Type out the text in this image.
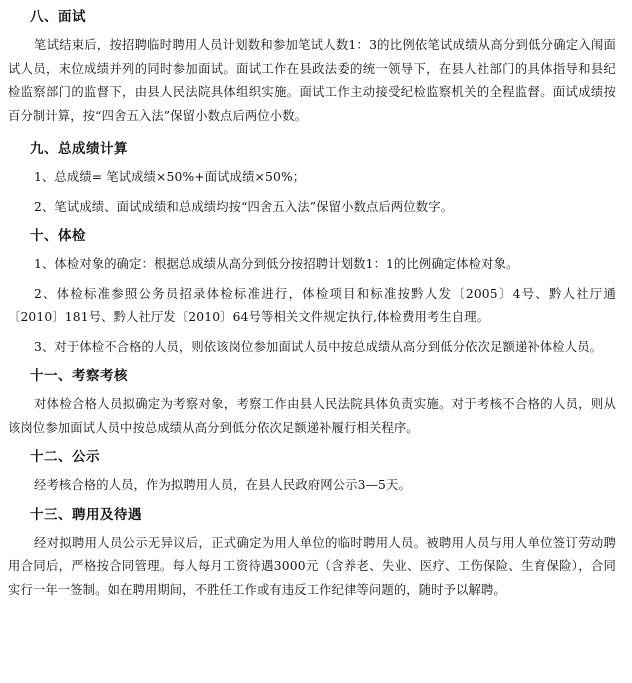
八、面试

笔试结束后，按招聘临时聘用人员计划数和参加笔试人数1：3的比例依笔试成绩从高分到低分确定入闱面试人员，末位成绩并列的同时参加面试。面试工作在县政法委的统一领导下，在县人社部门的具体指导和县纪检监察部门的监督下，由县人民法院具体组织实施。面试工作主动接受纪检监察机关的全程监督。面试成绩按百分制计算，按“四舍五入法”保留小数点后两位小数。

九、总成绩计算

1、总成绩= 笔试成绩×50%+面试成绩×50%；

2、笔试成绩、面试成绩和总成绩均按“四舍五入法”保留小数点后两位数字。

十、体检

1、体检对象的确定：根据总成绩从高分到低分按招聘计划数1：1的比例确定体检对象。

2、体检标准参照公务员招录体检标准进行，体检项目和标准按黔人发〔2005〕4号、黔人社厅通〔2010〕181号、黔人社厅发〔2010〕64号等相关文件规定执行,体检费用考生自理。

3、对于体检不合格的人员，则依该岗位参加面试人员中按总成绩从高分到低分依次足额递补体检人员。

十一、考察考核

对体检合格人员拟确定为考察对象，考察工作由县人民法院具体负责实施。对于考核不合格的人员，则从该岗位参加面试人员中按总成绩从高分到低分依次足额递补履行相关程序。

十二、公示

经考核合格的人员，作为拟聘用人员，在县人民政府网公示3—5天。

十三、聘用及待遇

经对拟聘用人员公示无异议后，正式确定为用人单位的临时聘用人员。被聘用人员与用人单位签订劳动聘用合同后，严格按合同管理。每人每月工资待遇3000元（含养老、失业、医疗、工伤保险、生育保险），合同实行一年一签制。如在聘用期间，不胜任工作或有违反工作纪律等问题的，随时予以解聘。
